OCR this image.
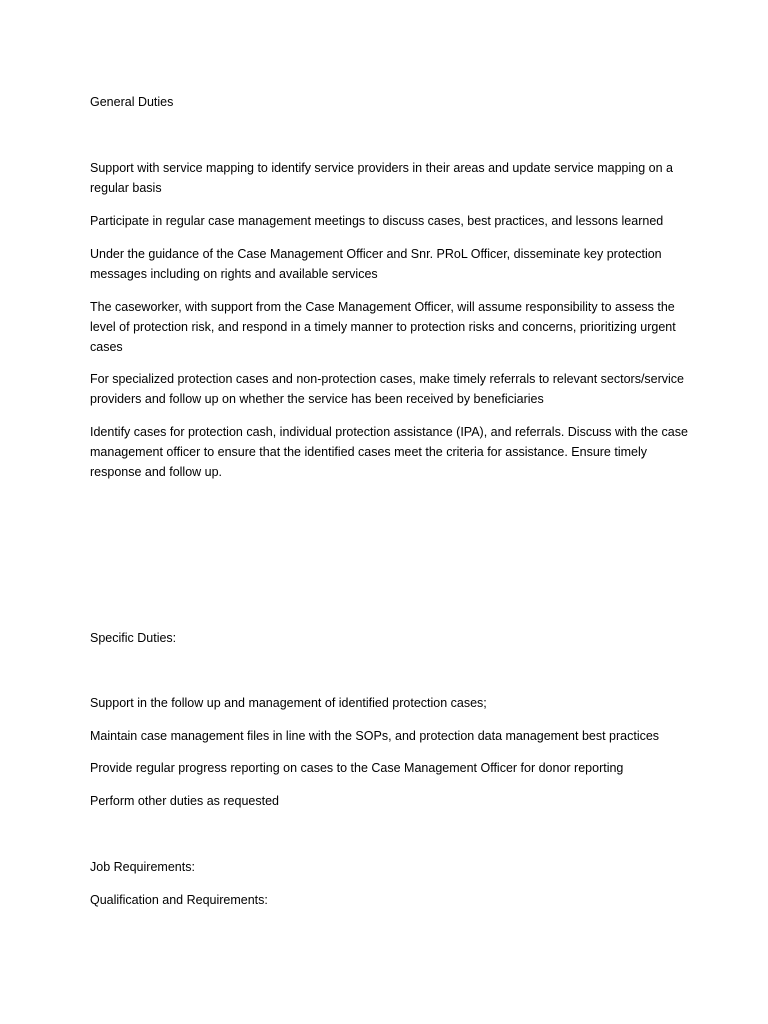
General Duties

Support with service mapping to identify service providers in their areas and update service mapping on a regular basis

Participate in regular case management meetings to discuss cases, best practices, and lessons learned

Under the guidance of the Case Management Officer and Snr. PRoL Officer, disseminate key protection messages including on rights and available services

The caseworker, with support from the Case Management Officer, will assume responsibility to assess the level of protection risk, and respond in a timely manner to protection risks and concerns, prioritizing urgent cases

For specialized protection cases and non-protection cases, make timely referrals to relevant sectors/service providers and follow up on whether the service has been received by beneficiaries

Identify cases for protection cash, individual protection assistance (IPA), and referrals. Discuss with the case management officer to ensure that the identified cases meet the criteria for assistance. Ensure timely response and follow up.

Specific Duties:

Support in the follow up and management of identified protection cases;

Maintain case management files in line with the SOPs, and protection data management best practices

Provide regular progress reporting on cases to the Case Management Officer for donor reporting

Perform other duties as requested

Job Requirements:

Qualification and Requirements:
